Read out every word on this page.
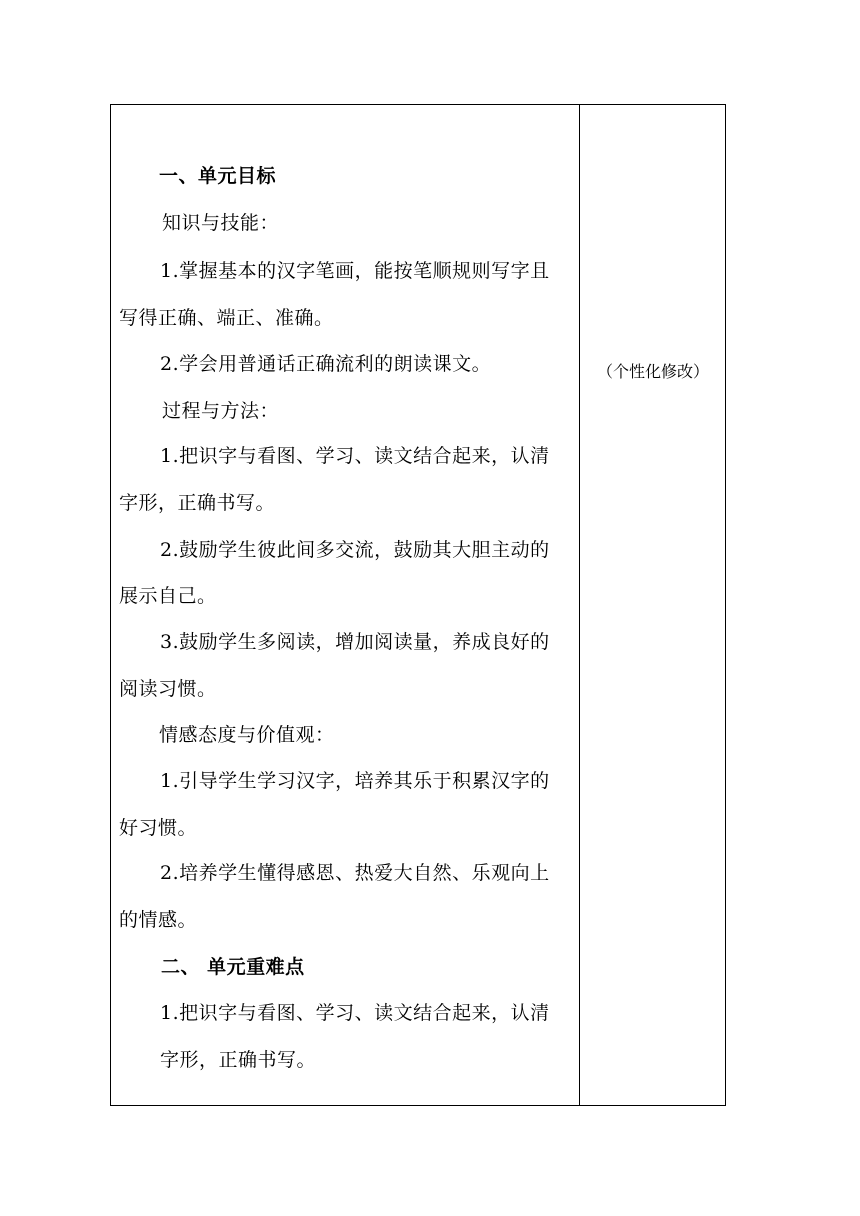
一、单元目标
知识与技能：
1.掌握基本的汉字笔画，能按笔顺规则写字且
写得正确、端正、准确。
2.学会用普通话正确流利的朗读课文。
过程与方法：
1.把识字与看图、学习、读文结合起来，认清
字形，正确书写。
2.鼓励学生彼此间多交流，鼓励其大胆主动的
展示自己。
3.鼓励学生多阅读，增加阅读量，养成良好的
阅读习惯。
情感态度与价值观：
1.引导学生学习汉字，培养其乐于积累汉字的
好习惯。
2.培养学生懂得感恩、热爱大自然、乐观向上
的情感。
二、 单元重难点
1.把识字与看图、学习、读文结合起来，认清
字形，正确书写。
（个性化修改）
